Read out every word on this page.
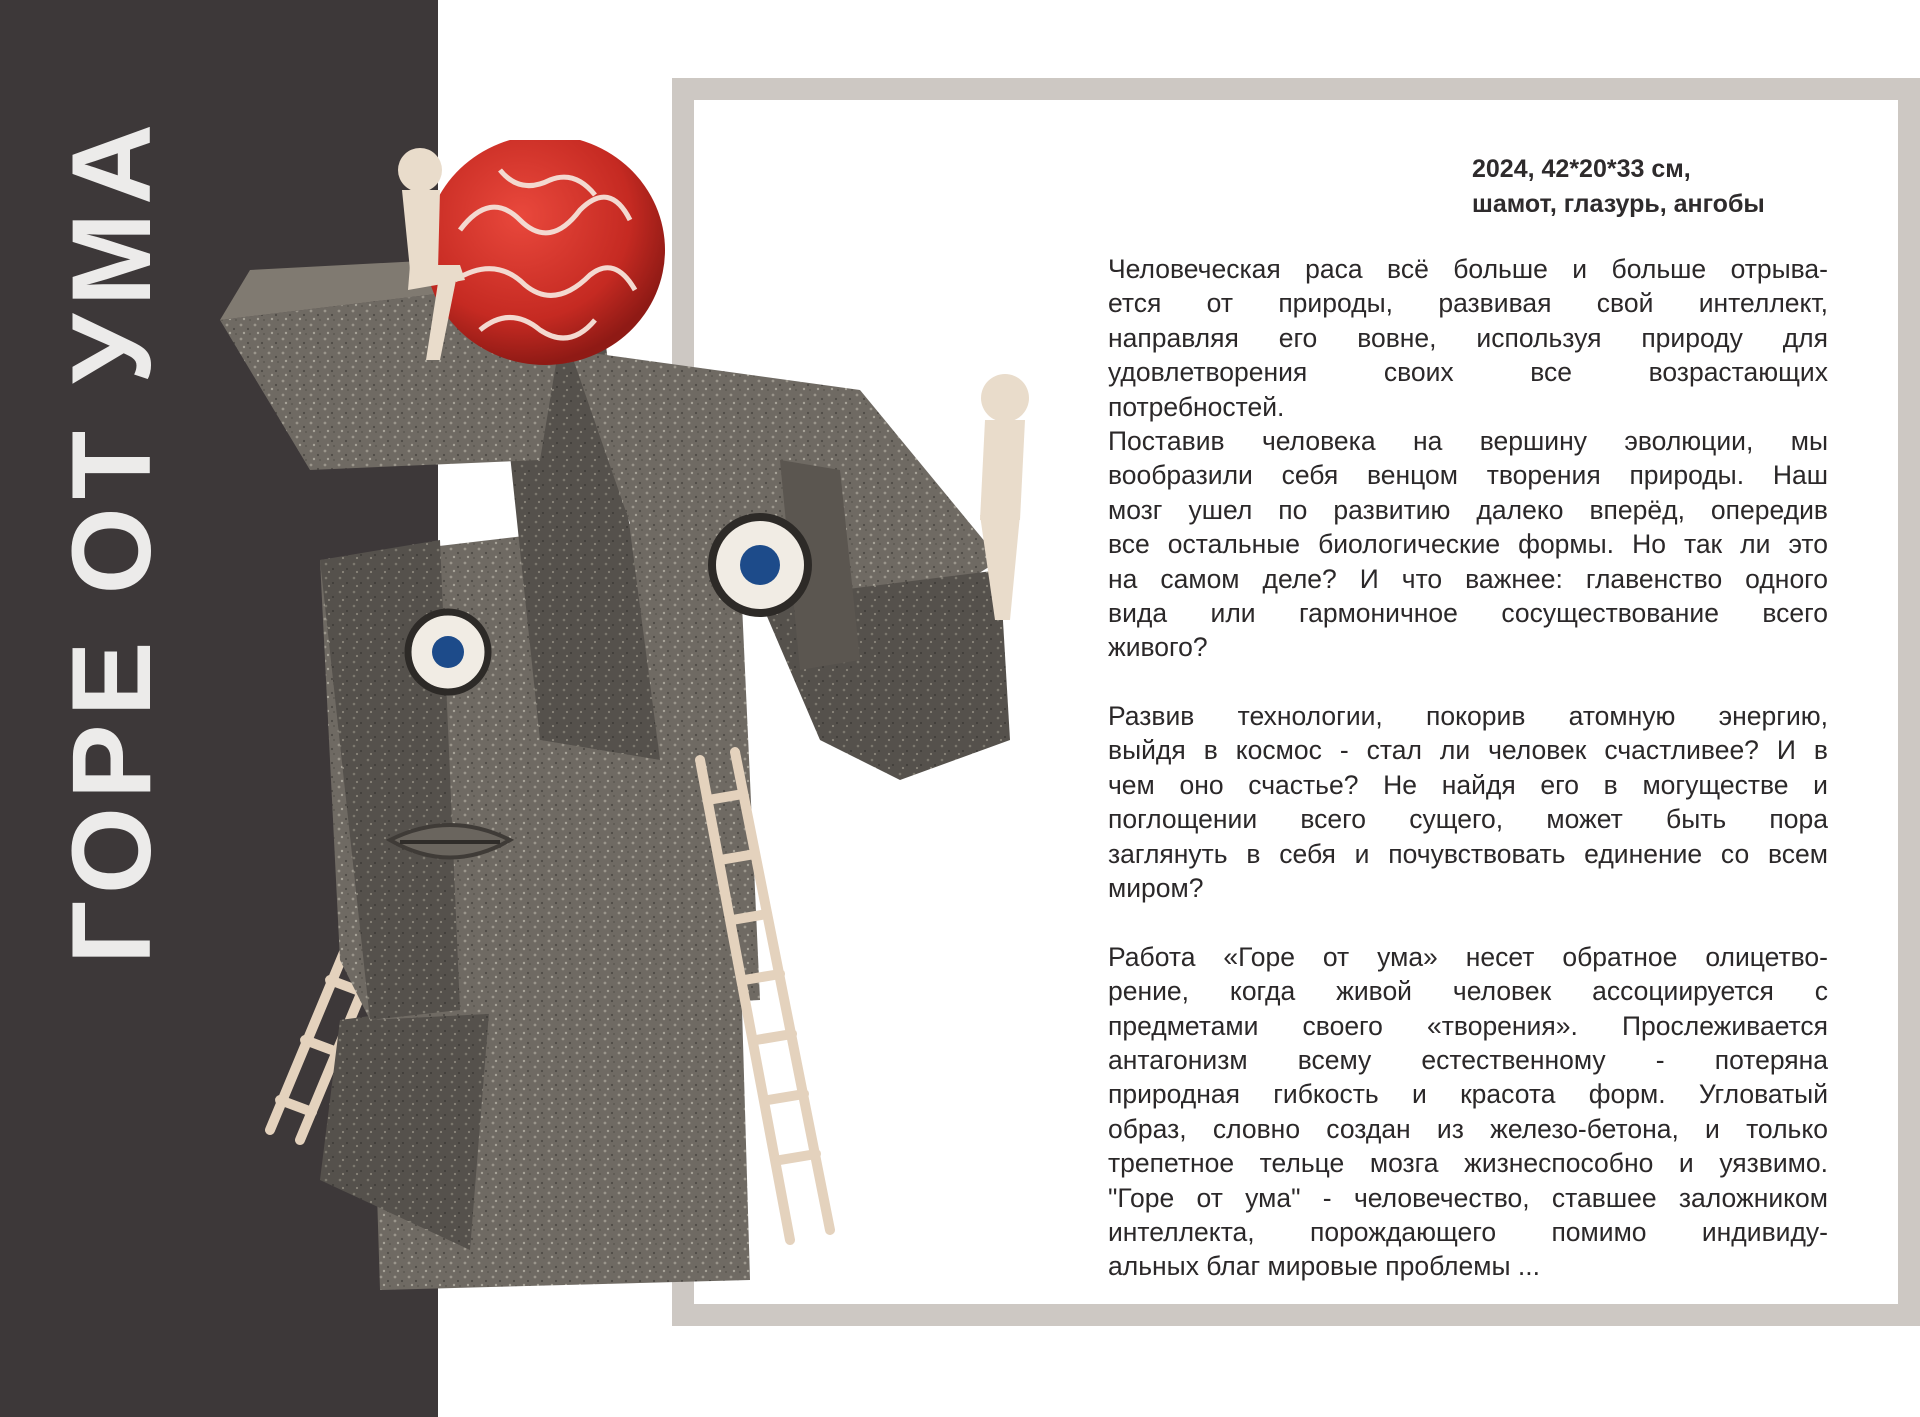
ГОРЕ ОТ УМА	2024, 42*20*33 см,
шамот, глазурь, ангобы
Человеческая раса всё больше и больше отрыва-
ется от природы, развивая свой интеллект,
направляя его вовне, используя природу для
удовлетворения своих все возрастающих
потребностей.
Поставив человека на вершину эволюции, мы
вообразили себя венцом творения природы. Наш
мозг ушел по развитию далеко вперёд, опередив
все остальные биологические формы. Но так ли это
на самом деле? И что важнее: главенство одного
вида или гармоничное сосуществование всего
живого?
Развив технологии, покорив атомную энергию,
выйдя в космос - стал ли человек счастливее? И в
чем оно счастье? Не найдя его в могуществе и
поглощении всего сущего, может быть пора
заглянуть в себя и почувствовать единение со всем
миром?
Работа «Горе от ума» несет обратное олицетво-
рение, когда живой человек ассоциируется с
предметами своего «творения». Прослеживается
антагонизм всему естественному - потеряна
природная гибкость и красота форм. Угловатый
образ, словно создан из железо-бетона, и только
трепетное тельце мозга жизнеспособно и уязвимо.
"Горе от ума" - человечество, ставшее заложником
интеллекта, порождающего помимо индивиду-
альных благ мировые проблемы ...
